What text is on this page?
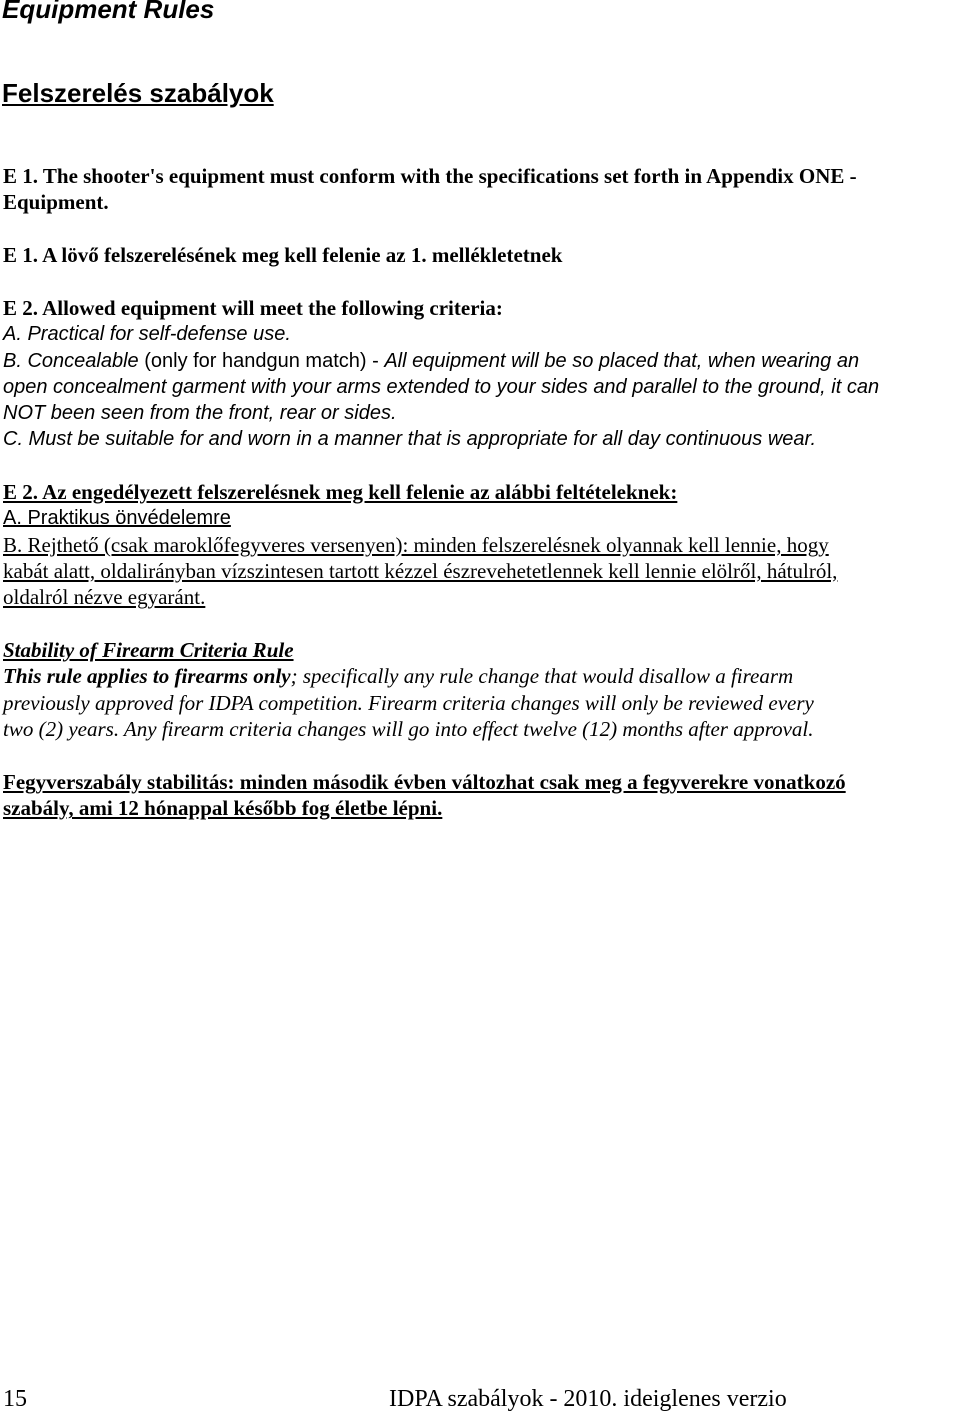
Equipment Rules
Felszerelés szabályok
E 1. The shooter's equipment must conform with the specifications set forth in Appendix ONE -
Equipment.
E 1. A lövő felszerelésének meg kell felenie az 1. mellékletetnek
E 2. Allowed equipment will meet the following criteria:
A. Practical for self-defense use.
B. Concealable (only for handgun match) - All equipment will be so placed that, when wearing an
open concealment garment with your arms extended to your sides and parallel to the ground, it can
NOT been seen from the front, rear or sides.
C. Must be suitable for and worn in a manner that is appropriate for all day continuous wear.
E 2. Az engedélyezett felszerelésnek meg kell felenie az alábbi feltételeknek:
A. Praktikus önvédelemre
B. Rejthető (csak maroklőfegyveres versenyen): minden felszerelésnek olyannak kell lennie, hogy
kabát alatt, oldalirányban vízszintesen tartott kézzel észrevehetetlennek kell lennie elölről, hátulról,
oldalról nézve egyaránt.
Stability of Firearm Criteria Rule
This rule applies to firearms only; specifically any rule change that would disallow a firearm
previously approved for IDPA competition. Firearm criteria changes will only be reviewed every
two (2) years. Any firearm criteria changes will go into effect twelve (12) months after approval.
Fegyverszabály stabilitás: minden második évben változhat csak meg a fegyverekre vonatkozó
szabály, ami 12 hónappal később fog életbe lépni.
15	IDPA szabályok - 2010. ideiglenes verzio
